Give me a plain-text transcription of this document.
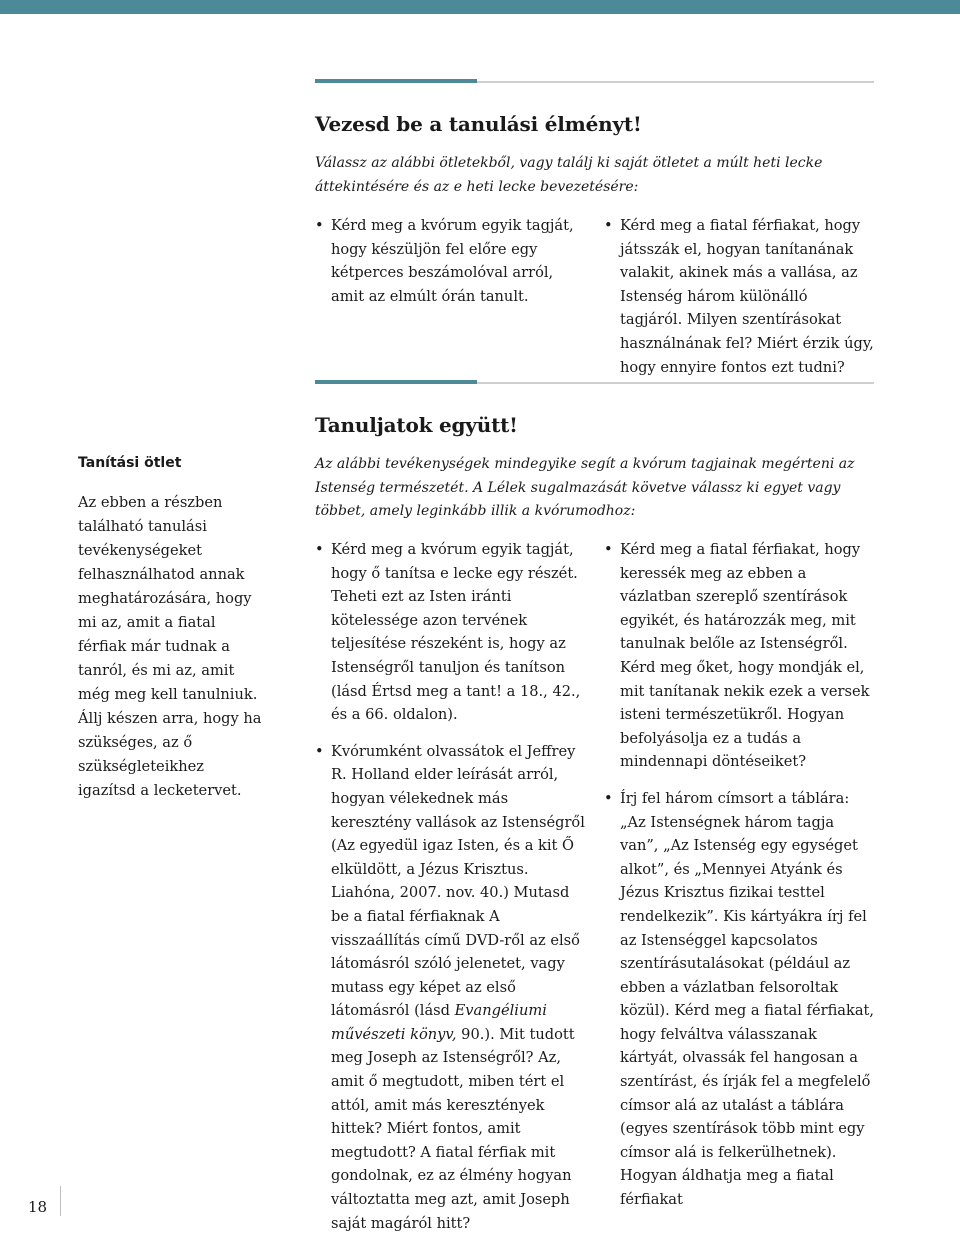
Vezesd be a tanulási élményt!

Válassz az alábbi ötletekből, vagy találj ki saját ötletet a múlt heti lecke áttekintésére és az e heti lecke bevezetésére:

• Kérd meg a kvórum egyik tagját, hogy készüljön fel előre egy kétperces beszámolóval arról, amit az elmúlt órán tanult.
• Kérd meg a fiatal férfiakat, hogy játsszák el, hogyan tanítanának valakit, akinek más a vallása, az Istenség három különálló tagjáról. Milyen szentírásokat használnának fel? Miért érzik úgy, hogy ennyire fontos ezt tudni?
Tanuljatok együtt!

Az alábbi tevékenységek mindegyike segít a kvórum tagjainak megérteni az Istenség természetét. A Lélek sugalmazását követve válassz ki egyet vagy többet, amely leginkább illik a kvórumodhoz:

• Kérd meg a kvórum egyik tagját, hogy ő tanítsa e lecke egy részét. Teheti ezt az Isten iránti kötelessége azon tervének teljesítése részeként is, hogy az Istenségről tanuljon és tanítson (lásd Értsd meg a tant! a 18., 42., és a 66. oldalon).
• Kvórumként olvassátok el Jeffrey R. Holland elder leírását arról, hogyan vélekednek más keresztény vallások az Istenségről (Az egyedül igaz Isten, és a kit Ő elküldött, a Jézus Krisztus. Liahóna, 2007. nov. 40.) Mutasd be a fiatal férfiaknak A visszaállítás című DVD-ről az első látomásról szóló jelenetet, vagy mutass egy képet az első látomásról (lásd Evangéliumi művészeti könyv, 90.). Mit tudott meg Joseph az Istenségről? Az, amit ő megtudott, miben tért el attól, amit más keresztények hittek? Miért fontos, amit megtudott? A fiatal férfiak mit gondolnak, ez az élmény hogyan változtatta meg azt, amit Joseph saját magáról hitt?
• Kérd meg a fiatal férfiakat, hogy keressék meg az ebben a vázlatban szereplő szentírások egyikét, és határozzák meg, mit tanulnak belőle az Istenségről. Kérd meg őket, hogy mondják el, mit tanítanak nekik ezek a versek isteni természetükről. Hogyan befolyásolja ez a tudás a mindennapi döntéseiket?
• Írj fel három címsort a táblára: „Az Istenségnek három tagja van”, „Az Istenség egy egységet alkot”, és „Mennyei Atyánk és Jézus Krisztus fizikai testtel rendelkezik”. Kis kártyákra írj fel az Istenséggel kapcsolatos szentírásutalásokat (például az ebben a vázlatban felsoroltak közül). Kérd meg a fiatal férfiakat, hogy felváltva válasszanak kártyát, olvassák fel hangosan a szentírást, és írják fel a megfelelő címsor alá az utalást a táblára (egyes szentírások több mint egy címsor alá is felkerülhetnek). Hogyan áldhatja meg a fiatal férfiakat
Tanítási ötlet

Az ebben a részben található tanulási tevékenységeket felhasználhatod annak meghatározására, hogy mi az, amit a fiatal férfiak már tudnak a tanról, és mi az, amit még meg kell tanulniuk. Állj készen arra, hogy ha szükséges, az ő szükségleteikhez igazítsd a lecketervet.

18
